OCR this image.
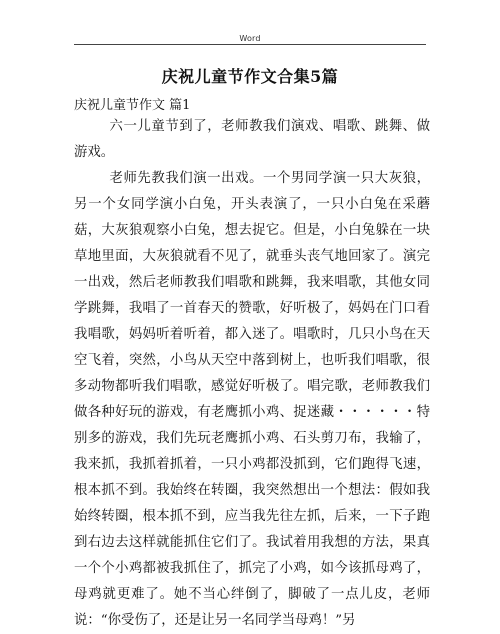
Word
庆祝儿童节作文合集5篇
庆祝儿童节作文 篇1

六一儿童节到了，老师教我们演戏、唱歌、跳舞、做游戏。

老师先教我们演一出戏。一个男同学演一只大灰狼，另一个女同学演小白兔，开头表演了，一只小白兔在采蘑菇，大灰狼观察小白兔，想去捉它。但是，小白兔躲在一块草地里面，大灰狼就看不见了，就垂头丧气地回家了。演完一出戏，然后老师教我们唱歌和跳舞，我来唱歌，其他女同学跳舞，我唱了一首春天的赞歌，好听极了，妈妈在门口看我唱歌，妈妈听着听着，都入迷了。唱歌时，几只小鸟在天空飞着，突然，小鸟从天空中落到树上，也听我们唱歌，很多动物都听我们唱歌，感觉好听极了。唱完歌，老师教我们做各种好玩的游戏，有老鹰抓小鸡、捉迷藏・・・・・・特别多的游戏，我们先玩老鹰抓小鸡、石头剪刀布，我输了，我来抓，我抓着抓着，一只小鸡都没抓到，它们跑得飞速，根本抓不到。我始终在转圈，我突然想出一个想法：假如我始终转圈，根本抓不到，应当我先往左抓，后来，一下子跑到右边去这样就能抓住它们了。我试着用我想的方法，果真一个个小鸡都被我抓住了，抓完了小鸡，如今该抓母鸡了，母鸡就更难了。她不当心绊倒了，脚破了一点儿皮，老师说：“你受伤了，还是让另一名同学当母鸡！”另
